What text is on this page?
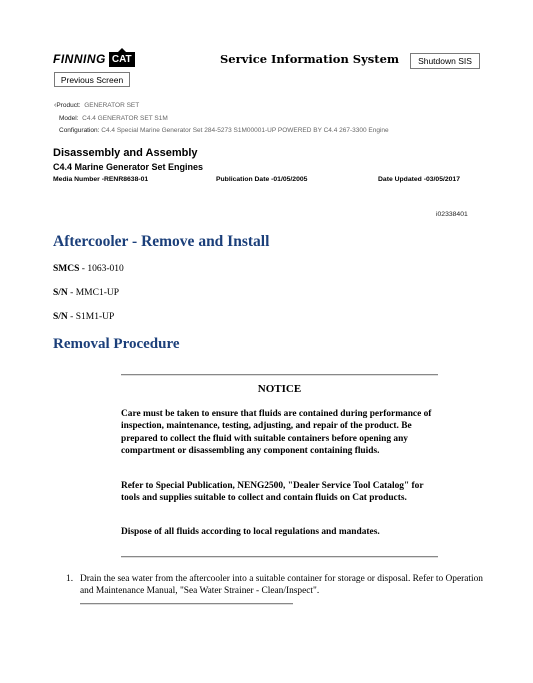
FINNING CAT
Previous Screen
Service Information System	Shutdown SIS
‹Product: GENERATOR SET
Model: C4.4 GENERATOR SET S1M
Configuration: C4.4 Special Marine Generator Set 284-5273 S1M00001-UP POWERED BY C4.4 267-3300 Engine
Disassembly and Assembly
C4.4 Marine Generator Set Engines
Media Number -RENR8638-01	Publication Date -01/05/2005	Date Updated -03/05/2017
i02338401
Aftercooler - Remove and Install
SMCS - 1063-010
S/N - MMC1-UP
S/N - S1M1-UP
Removal Procedure
NOTICE
Care must be taken to ensure that fluids are contained during performance of inspection, maintenance, testing, adjusting, and repair of the product. Be prepared to collect the fluid with suitable containers before opening any compartment or disassembling any component containing fluids.
Refer to Special Publication, NENG2500, "Dealer Service Tool Catalog" for tools and supplies suitable to collect and contain fluids on Cat products.
Dispose of all fluids according to local regulations and mandates.
1. Drain the sea water from the aftercooler into a suitable container for storage or disposal. Refer to Operation and Maintenance Manual, "Sea Water Strainer - Clean/Inspect".
